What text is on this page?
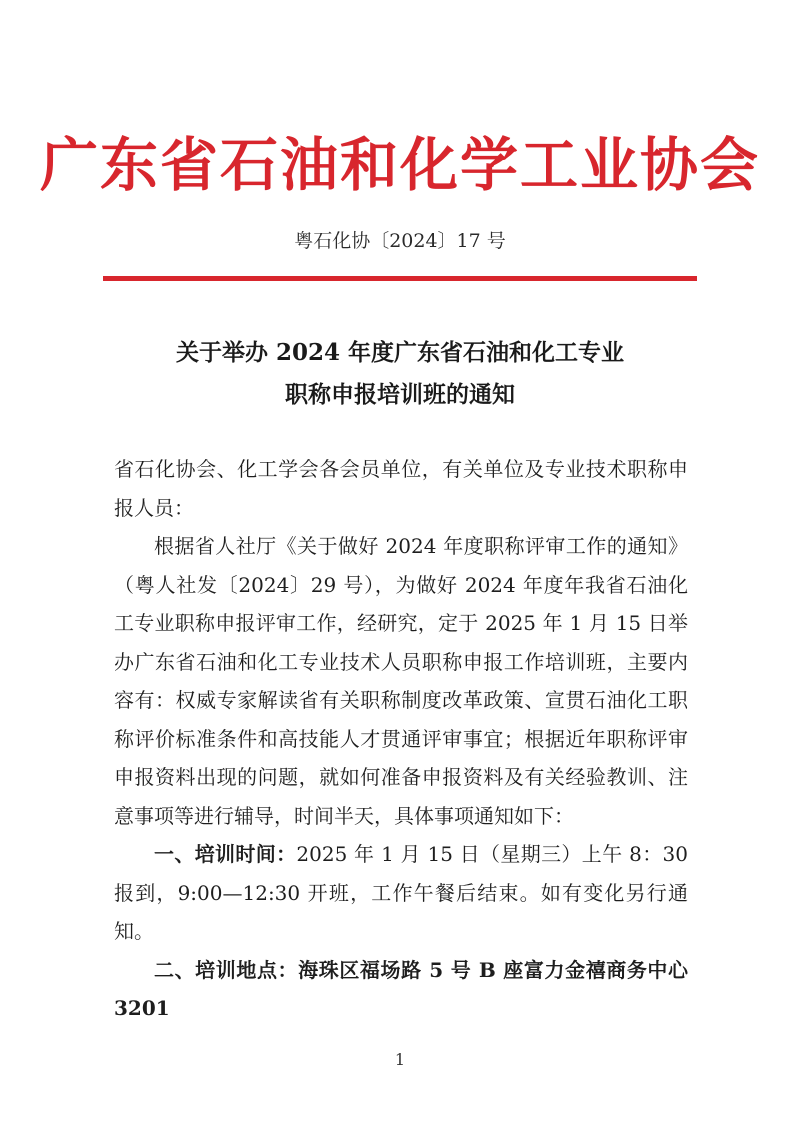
广东省石油和化学工业协会
粤石化协〔2024〕17 号
关于举办 2024 年度广东省石油和化工专业
职称申报培训班的通知

省石化协会、化工学会各会员单位，有关单位及专业技术职称申报人员：

根据省人社厅《关于做好 2024 年度职称评审工作的通知》（粤人社发〔2024〕29 号），为做好 2024 年度年我省石油化工专业职称申报评审工作，经研究，定于 2025 年 1 月 15 日举办广东省石油和化工专业技术人员职称申报工作培训班，主要内容有：权威专家解读省有关职称制度改革政策、宣贯石油化工职称评价标准条件和高技能人才贯通评审事宜；根据近年职称评审申报资料出现的问题，就如何准备申报资料及有关经验教训、注意事项等进行辅导，时间半天，具体事项通知如下：

一、培训时间：2025 年 1 月 15 日（星期三）上午 8：30 报到，9:00—12:30 开班，工作午餐后结束。如有变化另行通知。

二、培训地点：海珠区福场路 5 号 B 座富力金禧商务中心 3201

1
